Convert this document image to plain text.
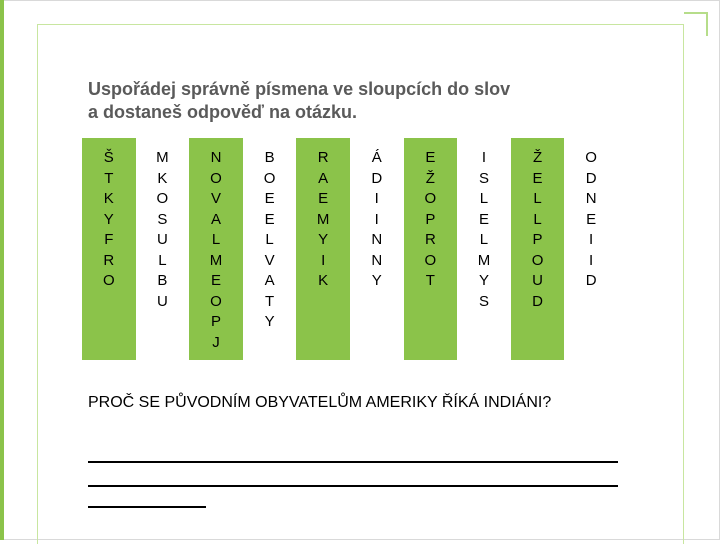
Uspořádej správně písmena ve sloupcích do slov
a dostaneš odpověď na otázku.
Š
T
K
Y
F
R
O
M
K
O
S
U
L
B
U
N
O
V
A
L
M
E
O
P
J
B
O
E
E
L
V
A
T
Y
R
A
E
M
Y
I
K
Á
D
I
I
N
N
Y
E
Ž
O
P
R
O
T
I
S
L
E
L
M
Y
S
Ž
E
L
L
P
O
U
D
O
D
N
E
I
I
D
PROČ SE PŮVODNÍM OBYVATELŮM AMERIKY ŘÍKÁ INDIÁNI?
